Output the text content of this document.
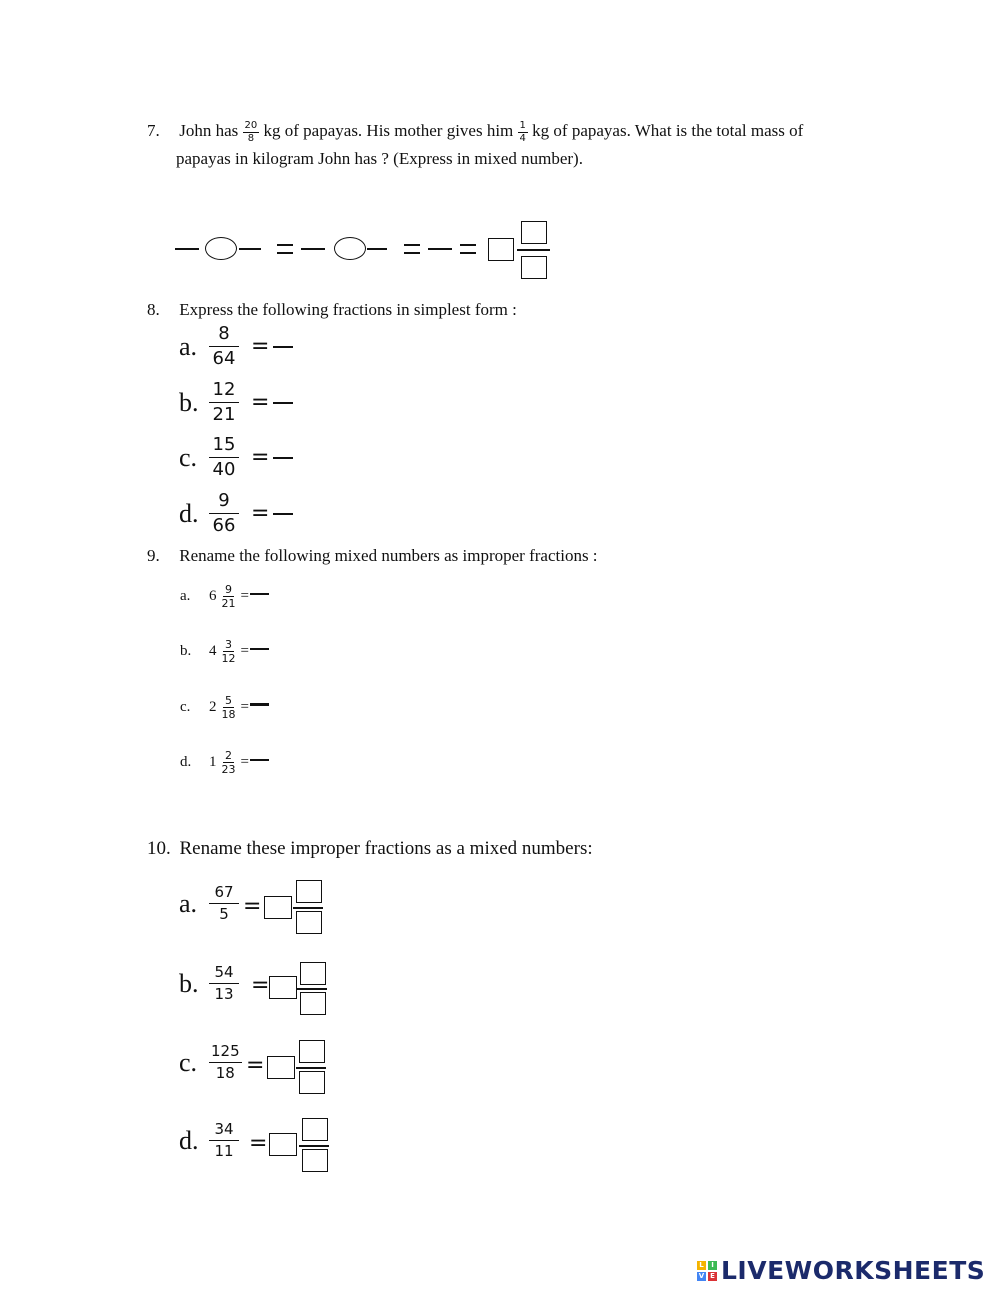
7. John has $\frac{20}{8}$ kg of papayas. His mother gives him $\frac{1}{4}$ kg of papayas. What is the total mass of
papayas in kilogram John has ? (Express in mixed number).
8. Express the following fractions in simplest form :
a. $\frac{8}{64}$ =
b. $\frac{12}{21}$ =
c. $\frac{15}{40}$ =
d. $\frac{9}{66}$ =
9. Rename the following mixed numbers as improper fractions :
a.	$6 \frac{9}{21}$ =
b.	$4 \frac{3}{12}$ =
c.	$2 \frac{5}{18}$ =
d.	$1 \frac{2}{23}$ =
10. Rename these improper fractions as a mixed numbers:
a. $\frac{67}{5}$ =
b. $\frac{54}{13}$ =
c. $\frac{125}{18}$ =
d. $\frac{34}{11}$ =
L	I
V E LIVEWORKSHEETS
